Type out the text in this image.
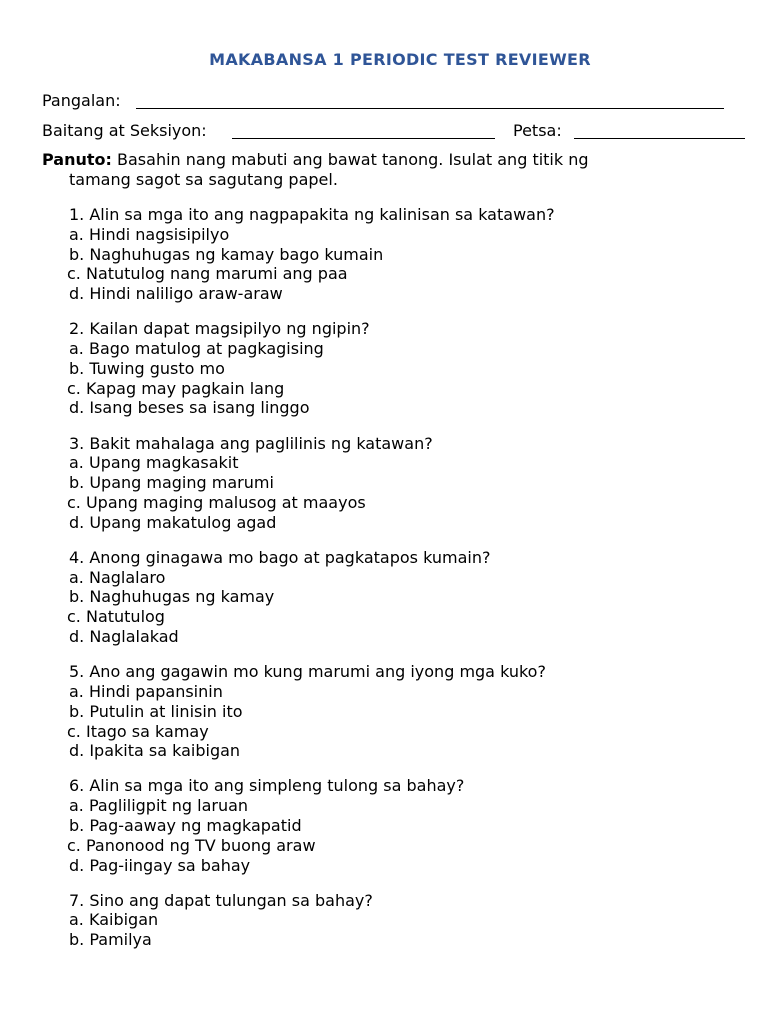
MAKABANSA 1 PERIODIC TEST REVIEWER
Pangalan:
Baitang at Seksiyon:	Petsa:
Panuto: Basahin nang mabuti ang bawat tanong. Isulat ang titik ng
tamang sagot sa sagutang papel.
1. Alin sa mga ito ang nagpapakita ng kalinisan sa katawan?
a. Hindi nagsisipilyo
b. Naghuhugas ng kamay bago kumain
c. Natutulog nang marumi ang paa
d. Hindi naliligo araw-araw
2. Kailan dapat magsipilyo ng ngipin?
a. Bago matulog at pagkagising
b. Tuwing gusto mo
c. Kapag may pagkain lang
d. Isang beses sa isang linggo
3. Bakit mahalaga ang paglilinis ng katawan?
a. Upang magkasakit
b. Upang maging marumi
c. Upang maging malusog at maayos
d. Upang makatulog agad
4. Anong ginagawa mo bago at pagkatapos kumain?
a. Naglalaro
b. Naghuhugas ng kamay
c. Natutulog
d. Naglalakad
5. Ano ang gagawin mo kung marumi ang iyong mga kuko?
a. Hindi papansinin
b. Putulin at linisin ito
c. Itago sa kamay
d. Ipakita sa kaibigan
6. Alin sa mga ito ang simpleng tulong sa bahay?
a. Pagliligpit ng laruan
b. Pag-aaway ng magkapatid
c. Panonood ng TV buong araw
d. Pag-iingay sa bahay
7. Sino ang dapat tulungan sa bahay?
a. Kaibigan
b. Pamilya
